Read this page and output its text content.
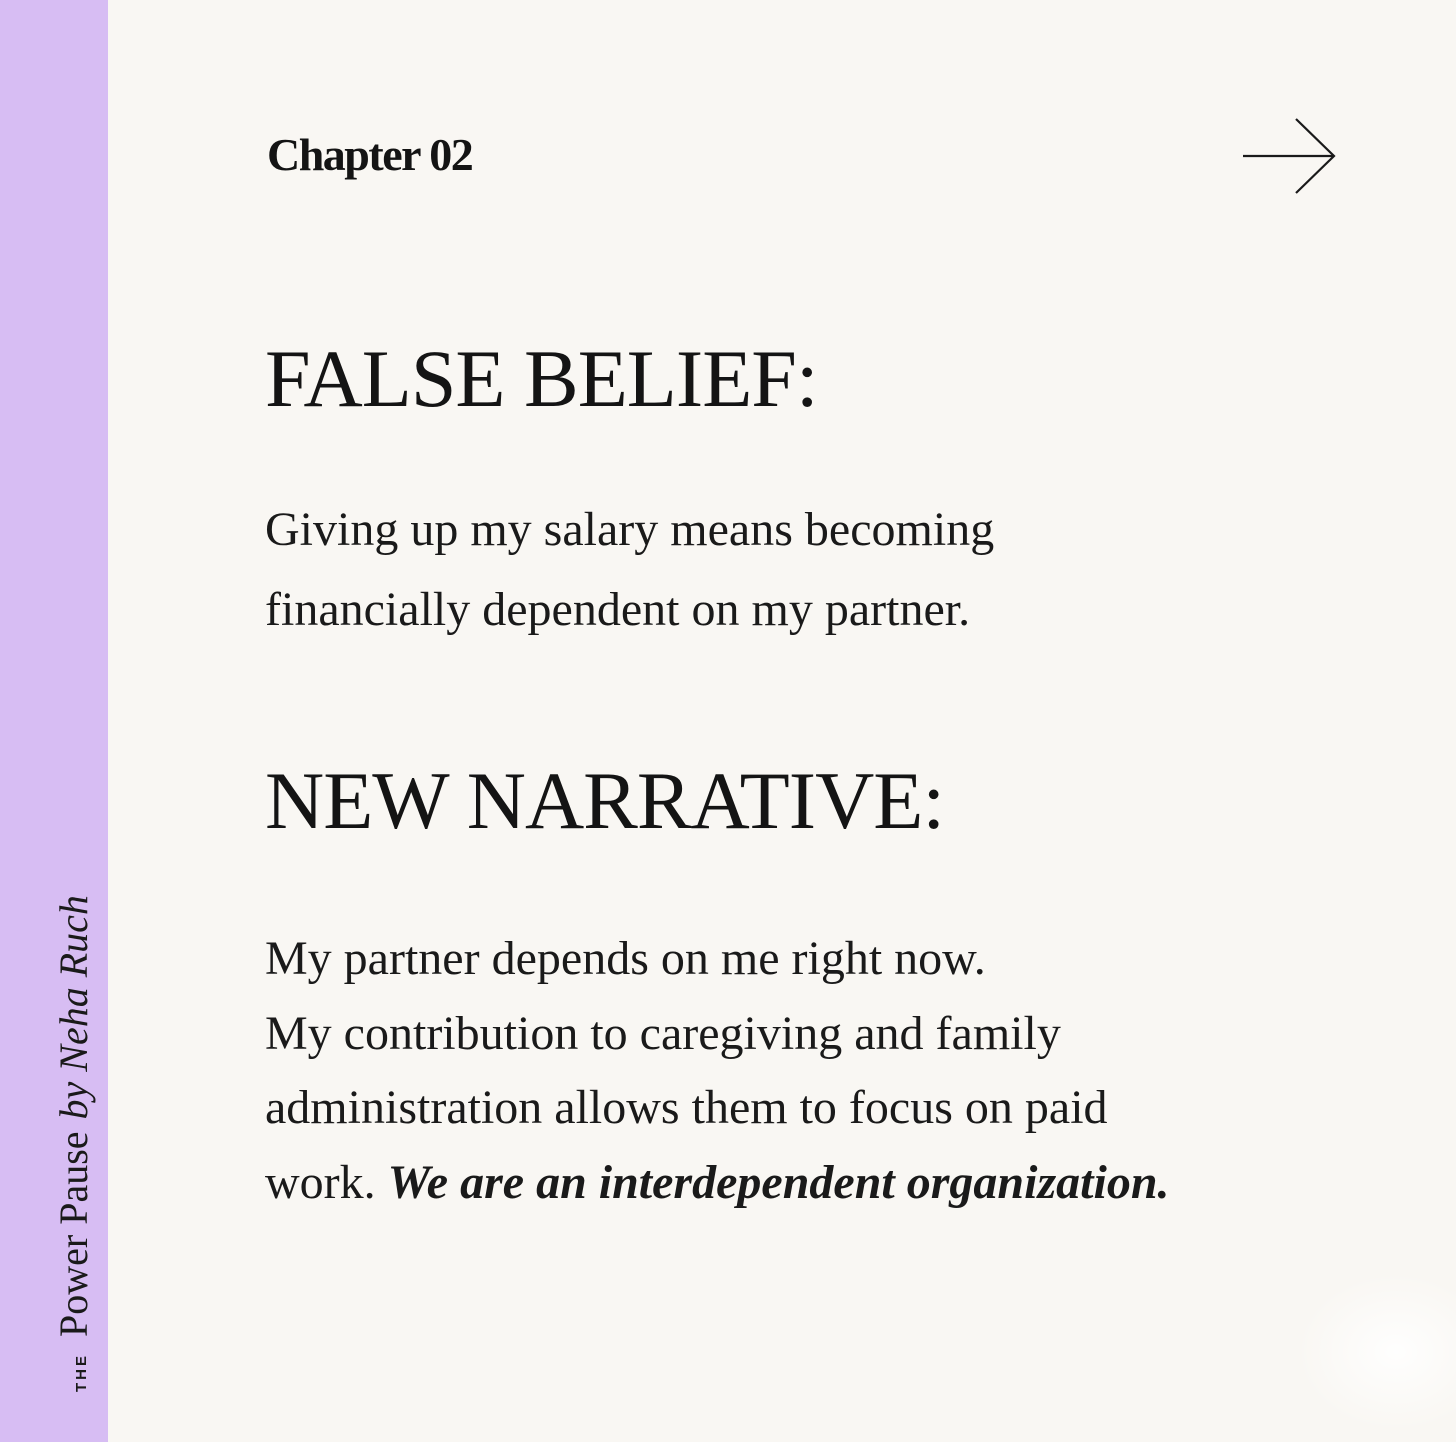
THE
Power Pause
by Neha Ruch
Chapter 02
FALSE BELIEF:

Giving up my salary means becoming
financially dependent on my partner.

NEW NARRATIVE:

My partner depends on me right now.
My contribution to caregiving and family
administration allows them to focus on paid
work. We are an interdependent organization.
